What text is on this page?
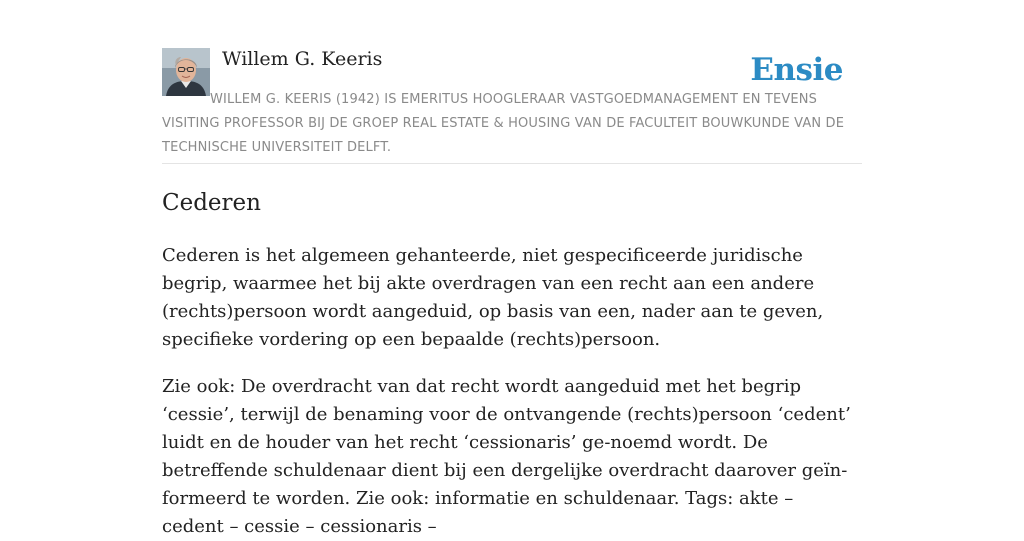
Willem G. Keeris	Ensie
WILLEM G. KEERIS (1942) IS EMERITUS HOOGLERAAR VASTGOEDMANAGEMENT EN TEVENS VISITING PROFESSOR BIJ DE GROEP REAL ESTATE & HOUSING VAN DE FACULTEIT BOUWKUNDE VAN DE TECHNISCHE UNIVERSITEIT DELFT.
Cederen

Cederen is het algemeen gehanteerde, niet gespecificeerde juridische begrip, waarmee het bij akte overdragen van een recht aan een andere (rechts)persoon wordt aangeduid, op basis van een, nader aan te geven, specifieke vordering op een bepaalde (rechts)persoon.

Zie ook: De overdracht van dat recht wordt aangeduid met het begrip ‘cessie’, terwijl de benaming voor de ontvangende (rechts)persoon ‘cedent’ luidt en de houder van het recht ‘cessionaris’ ge-noemd wordt. De betreffende schuldenaar dient bij een dergelijke overdracht daarover geïn-formeerd te worden. Zie ook: informatie en schuldenaar. Tags: akte – cedent – cessie – cessionaris –
